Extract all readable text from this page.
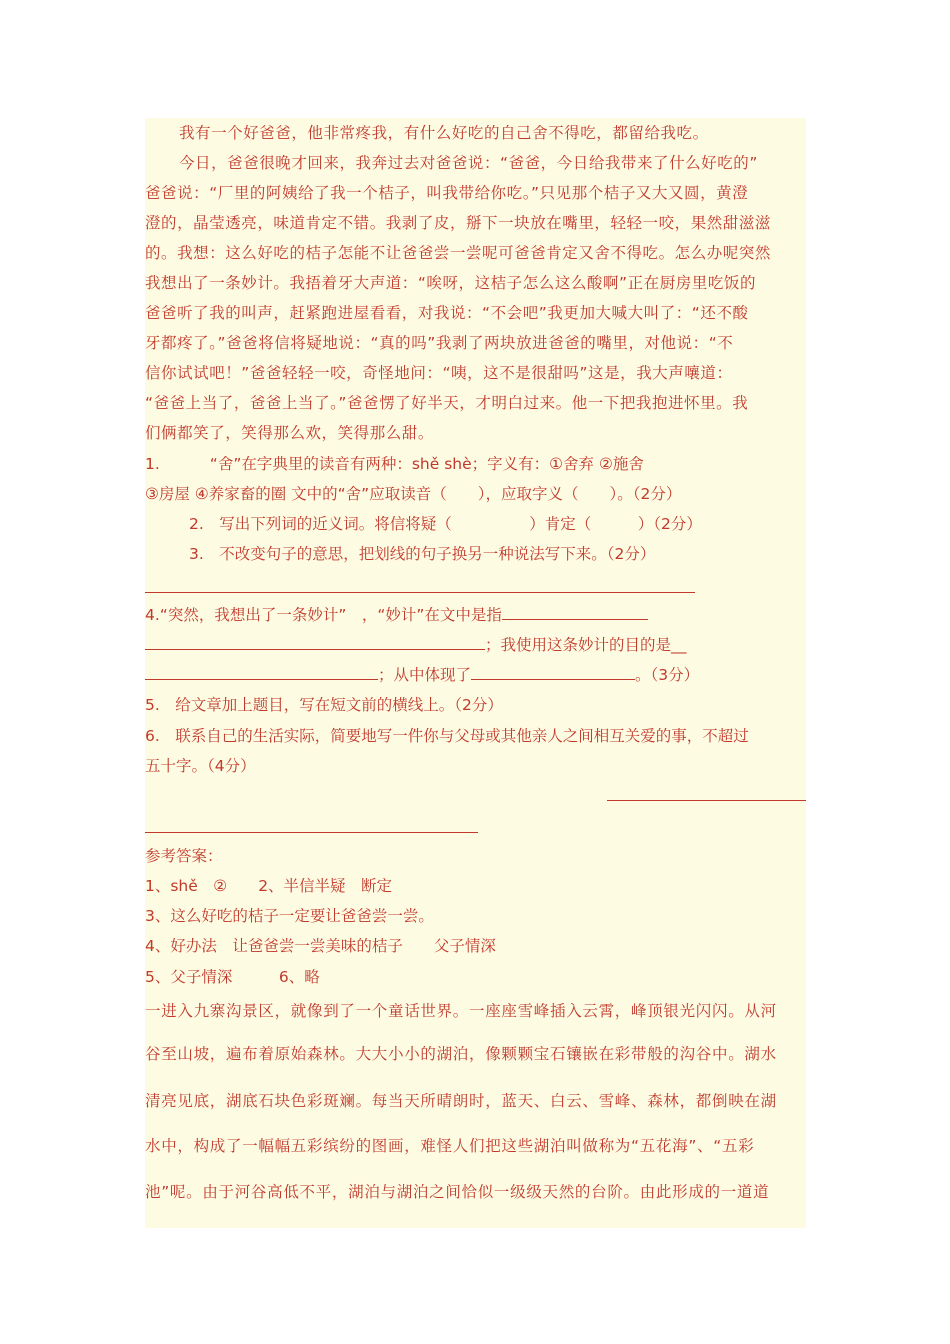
我有一个好爸爸，他非常疼我，有什么好吃的自己舍不得吃，都留给我吃。
今日，爸爸很晚才回来，我奔过去对爸爸说：“爸爸，今日给我带来了什么好吃的”
爸爸说：“厂里的阿姨给了我一个桔子，叫我带给你吃。”只见那个桔子又大又圆，黄澄
澄的，晶莹透亮，味道肯定不错。我剥了皮，掰下一块放在嘴里，轻轻一咬，果然甜滋滋
的。我想：这么好吃的桔子怎能不让爸爸尝一尝呢可爸爸肯定又舍不得吃。怎么办呢突然
我想出了一条妙计。我捂着牙大声道：“唉呀，这桔子怎么这么酸啊”正在厨房里吃饭的
爸爸听了我的叫声，赶紧跑进屋看看，对我说：“不会吧”我更加大喊大叫了：“还不酸
牙都疼了。”爸爸将信将疑地说：“真的吗”我剥了两块放进爸爸的嘴里，对他说：“不
信你试试吧！”爸爸轻轻一咬，奇怪地问：“咦，这不是很甜吗”这是，我大声嚷道：
“爸爸上当了，爸爸上当了。”爸爸愣了好半天，才明白过来。他一下把我抱进怀里。我
们俩都笑了，笑得那么欢，笑得那么甜。
1.	“舍”在字典里的读音有两种：shě shè；字义有：①舍弃 ②施舍
③房屋 ④养家畜的圈 文中的“舍”应取读音（　　），应取字义（　　）。（2分）
2.　写出下列词的近义词。将信将疑（　　　　　）肯定（　　　）（2分）
3.　不改变句子的意思，把划线的句子换另一种说法写下来。（2分）
4.“突然，我想出了一条妙计”　，“妙计”在文中是指
；我使用这条妙计的目的是__
；从中体现了	。（3分）
5.　给文章加上题目，写在短文前的横线上。（2分）
6.　联系自己的生活实际，简要地写一件你与父母或其他亲人之间相互关爱的事，不超过
五十字。（4分）
参考答案：
1、shě　②　　2、半信半疑　断定
3、这么好吃的桔子一定要让爸爸尝一尝。
4、好办法　让爸爸尝一尝美味的桔子　　父子情深
5、父子情深　　　6、略
一进入九寨沟景区，就像到了一个童话世界。一座座雪峰插入云霄，峰顶银光闪闪。从河
谷至山坡，遍布着原始森林。大大小小的湖泊，像颗颗宝石镶嵌在彩带般的沟谷中。湖水
清亮见底，湖底石块色彩斑斓。每当天所晴朗时，蓝天、白云、雪峰、森林，都倒映在湖
水中，构成了一幅幅五彩缤纷的图画，难怪人们把这些湖泊叫做称为“五花海”、“五彩
池”呢。由于河谷高低不平，湖泊与湖泊之间恰似一级级天然的台阶。由此形成的一道道
